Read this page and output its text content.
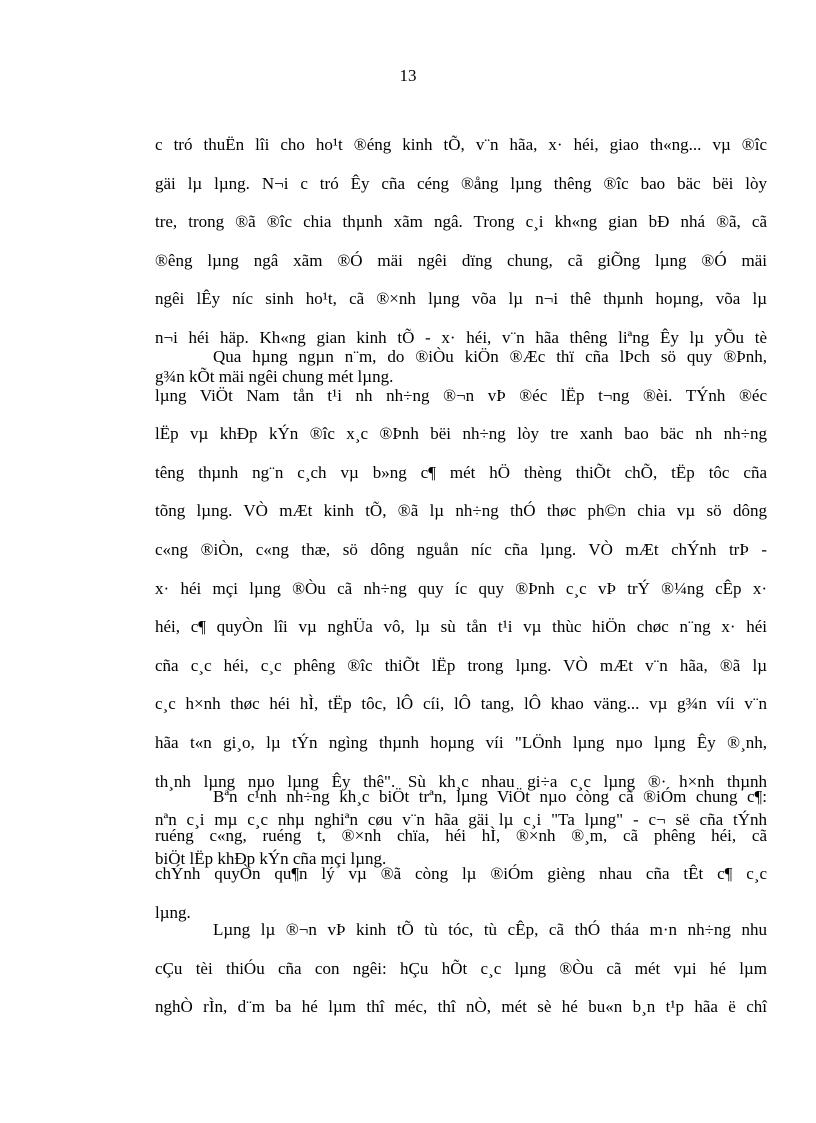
13
c tró thuËn lîi cho ho¹t ®éng kinh tÕ, v¨n hãa, x· héi, giao th«ng... vµ ®îc
gäi lµ lµng. N¬i c tró Êy cña céng ®ång lµng thêng ®îc bao bäc bëi lòy
tre, trong ®ã ®îc chia thµnh xãm ngâ. Trong c¸i kh«ng gian bÐ nhá ®ã, cã
®êng lµng ngâ xãm ®Ó mäi ngêi dïng chung, cã giÕng lµng ®Ó mäi
ngêi lÊy níc sinh ho¹t, cã ®×nh lµng võa lµ n¬i thê thµnh hoµng, võa lµ
n¬i héi häp. Kh«ng gian kinh tÕ - x· héi, v¨n hãa thêng liªng Êy lµ yÕu tè
g¾n kÕt mäi ngêi chung mét lµng.
Qua hµng ngµn n¨m, do ®iÒu kiÖn ®Æc thï cña lÞch sö quy ®Þnh,
lµng ViÖt Nam tån t¹i nh nh÷ng ®¬n vÞ ®éc lËp t¬ng ®èi. TÝnh ®éc
lËp vµ khÐp kÝn ®îc x¸c ®Þnh bëi nh÷ng lòy tre xanh bao bäc nh nh÷ng
têng thµnh ng¨n c¸ch vµ b»ng c¶ mét hÖ thèng thiÕt chÕ, tËp tôc cña
tõng lµng. VÒ mÆt kinh tÕ, ®ã lµ nh÷ng thÓ thøc ph©n chia vµ sö dông
c«ng ®iÒn, c«ng thæ, sö dông nguån níc cña lµng. VÒ mÆt chÝnh trÞ -
x· héi mçi lµng ®Òu cã nh÷ng quy íc quy ®Þnh c¸c vÞ trÝ ®¼ng cÊp x·
héi, c¶ quyÒn lîi vµ nghÜa vô, lµ sù tån t¹i vµ thùc hiÖn chøc n¨ng x· héi
cña c¸c héi, c¸c phêng ®îc thiÕt lËp trong lµng. VÒ mÆt v¨n hãa, ®ã lµ
c¸c h×nh thøc héi hÌ, tËp tôc, lÔ cíi, lÔ tang, lÔ khao väng... vµ g¾n víi v¨n
hãa t«n gi¸o, lµ tÝn ngìng thµnh hoµng víi "LÖnh lµng nµo lµng Êy ®¸nh,
th¸nh lµng nµo lµng Êy thê". Sù kh¸c nhau gi÷a c¸c lµng ®· h×nh thµnh
nªn c¸i mµ c¸c nhµ nghiªn cøu v¨n hãa gäi lµ c¸i "Ta lµng" - c¬ së cña tÝnh
biÖt lËp khÐp kÝn cña mçi lµng.
Bªn c¹nh nh÷ng kh¸c biÖt trªn, lµng ViÖt nµo còng cã ®iÓm chung c¶:
ruéng c«ng, ruéng t, ®×nh chïa, héi hÌ, ®×nh ®¸m, cã phêng héi, cã
chÝnh quyÒn qu¶n lý vµ ®ã còng lµ ®iÓm gièng nhau cña tÊt c¶ c¸c
lµng.
Lµng lµ ®¬n vÞ kinh tÕ tù tóc, tù cÊp, cã thÓ tháa m·n nh÷ng nhu
cÇu tèi thiÓu cña con ngêi: hÇu hÕt c¸c lµng ®Òu cã mét vµi hé lµm
nghÒ rÌn, d¨m ba hé lµm thî méc, thî nÒ, mét sè hé bu«n b¸n t¹p hãa ë chî
